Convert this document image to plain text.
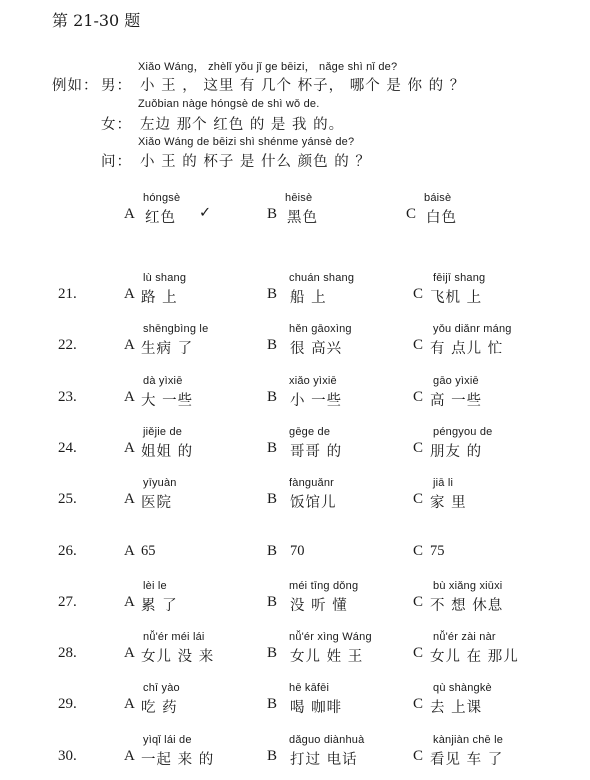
第 21-30 题
例如： 男：
Xiǎo Wáng， zhèlǐ yǒu jǐ ge bēizi， nǎge shì nǐ de?
小 王 ， 这里 有 几个 杯子， 哪个 是 你 的 ？
女：
Zuǒbian nàge hóngsè de shì wǒ de.
左边 那个 红色 的 是 我 的。
问：
Xiǎo Wáng de bēizi shì shénme yánsè de?
小 王 的 杯子 是 什么 颜色 的 ？
A
hóngsè
红色 ✓	B
hēisè
黑色	C
báisè
白色
21.	A
lù shang
路 上	B
chuán shang
船 上	C
fēijī shang
飞机 上
22.	A
shēngbìng le
生病 了	B
hěn gāoxìng
很 高兴	C
yǒu diǎnr máng
有 点儿 忙
23.	A
dà yìxiē
大 一些	B
xiǎo yìxiē
小 一些	C
gāo yìxiē
高 一些
24.	A
jiějie de
姐姐 的	B
gēge de
哥哥 的	C
péngyou de
朋友 的
25.	A
yīyuàn
医院	B
fànguǎnr
饭馆儿	C
jiā li
家 里
26.	A 65	B 70	C 75
27.	A
lèi le
累 了	B
méi tīng dǒng
没 听 懂	C
bù xiǎng xiūxi
不 想 休息
28.	A
nǚ'ér méi lái
女儿 没 来	B
nǚ'ér xìng Wáng
女儿 姓 王	C
nǚ'ér zài nàr
女儿 在 那儿
29.	A
chī yào
吃 药	B
hē kāfēi
喝 咖啡	C
qù shàngkè
去 上课
30.	A
yìqǐ lái de
一起 来 的	B
dǎguo diànhuà
打过 电话	C
kànjiàn chē le
看见 车 了
